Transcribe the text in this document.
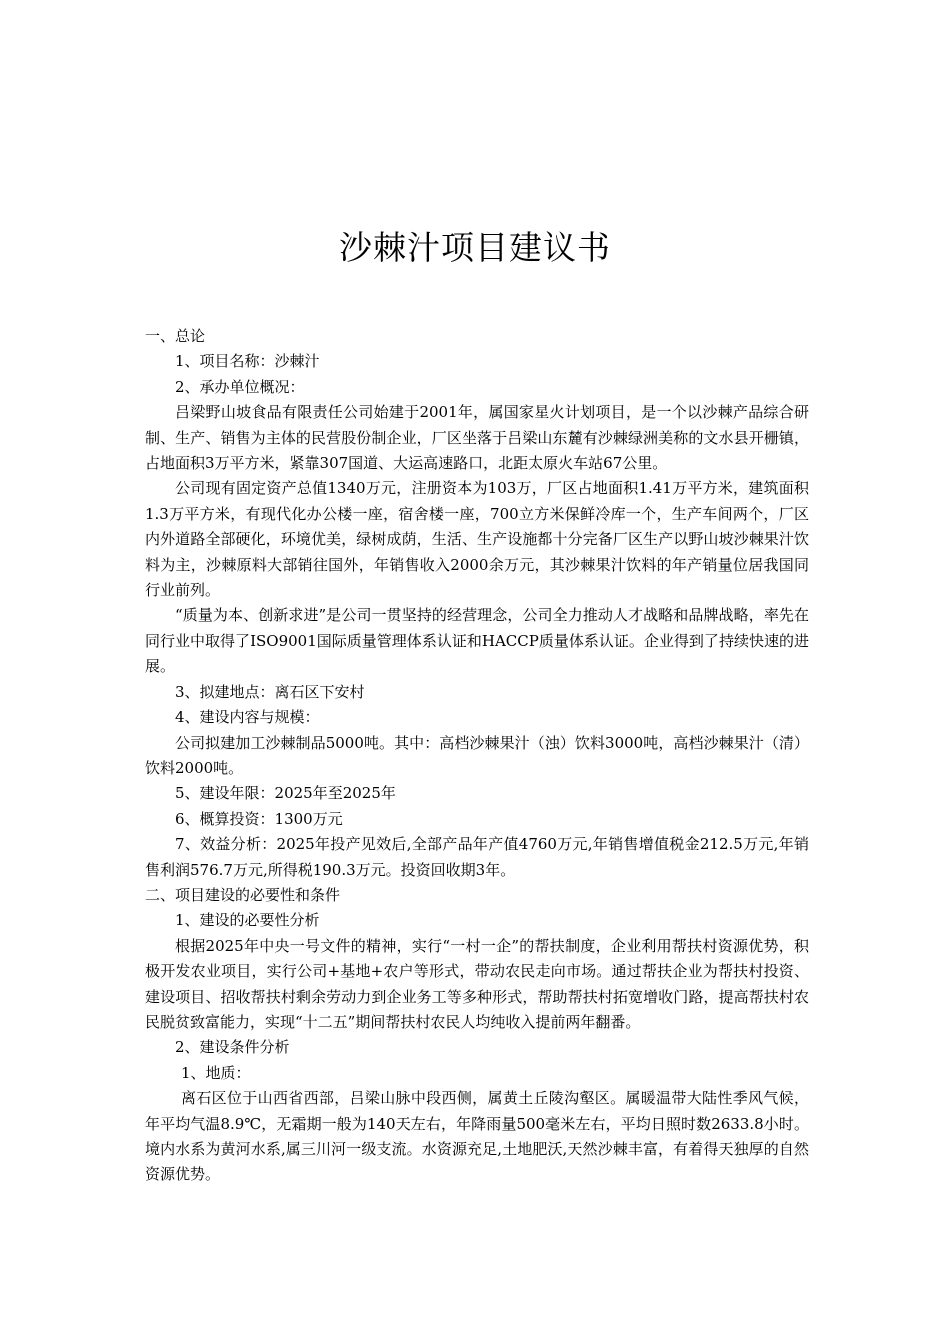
沙棘汁项目建议书

一、总论

1、项目名称：沙棘汁

2、承办单位概况：

吕梁野山坡食品有限责任公司始建于2001年，属国家星火计划项目，是一个以沙棘产品综合研制、生产、销售为主体的民营股份制企业，厂区坐落于吕梁山东麓有沙棘绿洲美称的文水县开栅镇，占地面积3万平方米，紧靠307国道、大运高速路口，北距太原火车站67公里。

公司现有固定资产总值1340万元，注册资本为103万，厂区占地面积1.41万平方米，建筑面积1.3万平方米，有现代化办公楼一座，宿舍楼一座，700立方米保鲜冷库一个，生产车间两个，厂区内外道路全部硬化，环境优美，绿树成荫，生活、生产设施都十分完备厂区生产以野山坡沙棘果汁饮料为主，沙棘原料大部销往国外，年销售收入2000余万元，其沙棘果汁饮料的年产销量位居我国同行业前列。

“质量为本、创新求进”是公司一贯坚持的经营理念，公司全力推动人才战略和品牌战略，率先在同行业中取得了ISO9001国际质量管理体系认证和HACCP质量体系认证。企业得到了持续快速的进展。

3、拟建地点：离石区下安村

4、建设内容与规模：

公司拟建加工沙棘制品5000吨。其中：高档沙棘果汁（浊）饮料3000吨，高档沙棘果汁（清）饮料2000吨。

5、建设年限：2025年至2025年

6、概算投资：1300万元

7、效益分析：2025年投产见效后,全部产品年产值4760万元,年销售增值税金212.5万元,年销售利润576.7万元,所得税190.3万元。投资回收期3年。

二、项目建设的必要性和条件

1、建设的必要性分析

根据2025年中央一号文件的精神，实行“一村一企”的帮扶制度，企业利用帮扶村资源优势，积极开发农业项目，实行公司+基地+农户等形式，带动农民走向市场。通过帮扶企业为帮扶村投资、建设项目、招收帮扶村剩余劳动力到企业务工等多种形式，帮助帮扶村拓宽增收门路，提高帮扶村农民脱贫致富能力，实现“十二五”期间帮扶村农民人均纯收入提前两年翻番。

2、建设条件分析

1、地质：

离石区位于山西省西部，吕梁山脉中段西侧，属黄土丘陵沟壑区。属暖温带大陆性季风气候，年平均气温8.9℃，无霜期一般为140天左右，年降雨量500毫米左右，平均日照时数2633.8小时。境内水系为黄河水系,属三川河一级支流。水资源充足,土地肥沃,天然沙棘丰富，有着得天独厚的自然资源优势。
